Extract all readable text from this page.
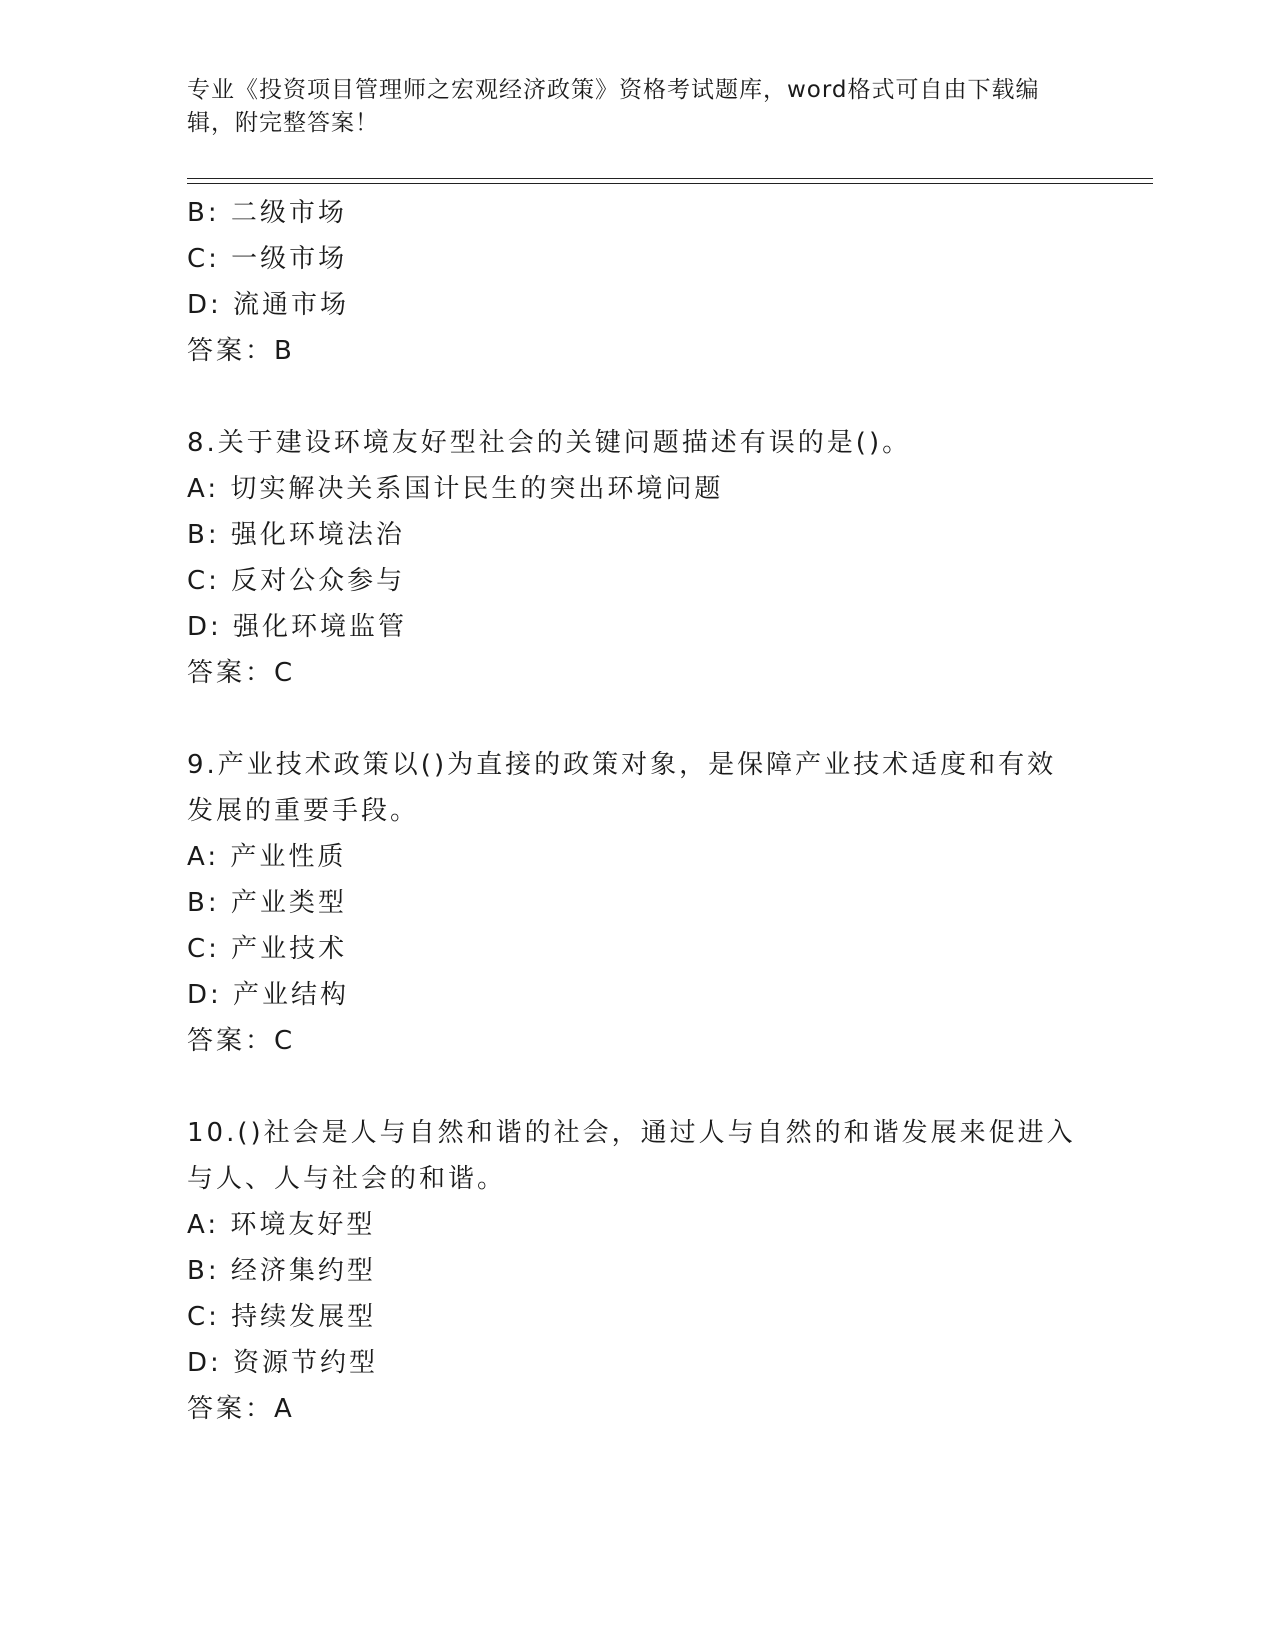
专业《投资项目管理师之宏观经济政策》资格考试题库，word格式可自由下载编
辑，附完整答案！
B: 二级市场
C: 一级市场
D: 流通市场
答案：B
8.关于建设环境友好型社会的关键问题描述有误的是()。
A: 切实解决关系国计民生的突出环境问题
B: 强化环境法治
C: 反对公众参与
D: 强化环境监管
答案：C
9.产业技术政策以()为直接的政策对象，是保障产业技术适度和有效
发展的重要手段。
A: 产业性质
B: 产业类型
C: 产业技术
D: 产业结构
答案：C
10.()社会是人与自然和谐的社会，通过人与自然的和谐发展来促进入
与人、人与社会的和谐。
A: 环境友好型
B: 经济集约型
C: 持续发展型
D: 资源节约型
答案：A
